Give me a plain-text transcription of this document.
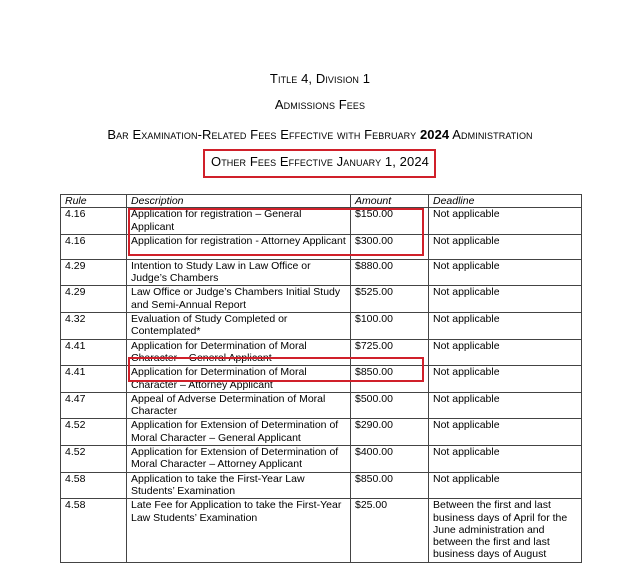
Title 4, Division 1
Admissions Fees
Bar Examination-Related Fees Effective with February 2024 Administration
Other Fees Effective January 1, 2024
Rule	Description	Amount	Deadline
4.16	Application for registration – General Applicant	$150.00	Not applicable
4.16	Application for registration - Attorney Applicant	$300.00	Not applicable
4.29	Intention to Study Law in Law Office or Judge’s Chambers	$880.00	Not applicable
4.29	Law Office or Judge’s Chambers Initial Study and Semi-Annual Report	$525.00	Not applicable
4.32	Evaluation of Study Completed or Contemplated*	$100.00	Not applicable
4.41	Application for Determination of Moral Character – General Applicant	$725.00	Not applicable
4.41	Application for Determination of Moral Character – Attorney Applicant	$850.00	Not applicable
4.47	Appeal of Adverse Determination of Moral Character	$500.00	Not applicable
4.52	Application for Extension of Determination of Moral Character – General Applicant	$290.00	Not applicable
4.52	Application for Extension of Determination of Moral Character – Attorney Applicant	$400.00	Not applicable
4.58	Application to take the First-Year Law Students’ Examination	$850.00	Not applicable
4.58	Late Fee for Application to take the First-Year Law Students’ Examination	$25.00	Between the first and last business days of April for the June administration and between the first and last business days of August
